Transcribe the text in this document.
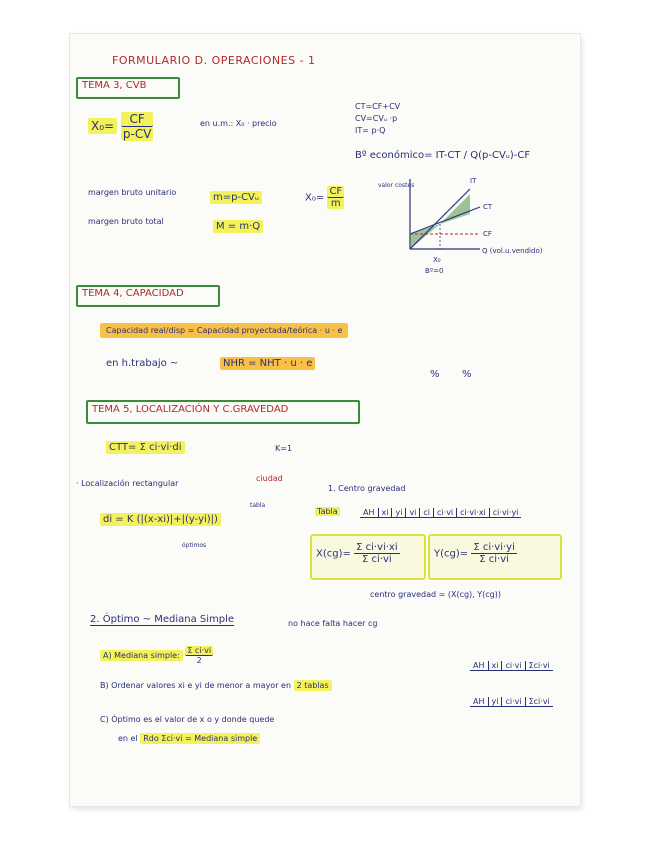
FORMULARIO D. OPERACIONES - 1
TEMA 3, CVB
$X_0= \frac{CF}{p-CV}$	en u.m.: X₀ · precio
CT=CF+CV
CV=CVᵤ ·p
IT= p·Q
Bº económico= IT-CT / Q(p-CVᵤ)-CF
margen bruto unitario	m=p-CVᵤ	$X_0= \frac{CF}{m}$
margen bruto total	M = m·Q
valor costes
IT
CT
CF
Q (vol.u.vendido)
X₀
Bº=0
TEMA 4, CAPACIDAD
Capacidad real/disp = Capacidad proyectada/teórica · u · e
en h.trabajo ~	NHR = NHT · u · e
% %
TEMA 5, LOCALIZACIÓN Y C.GRAVEDAD
CTT= Σ ci·vi·di	K=1
· Localización rectangular
ciudad
tabla
di = K (|(x-xi)|+|(y-yi)|)
óptimos
1. Centro gravedad
Tabla	AH xi yi vi ci ci·vi ci·vi·xi ci·vi·yi
$X(cg)= \frac{\text{Σ ci·vi·xi}}{\text{Σ ci·vi}}$	$Y(cg)= \frac{\text{Σ ci·vi·yi}}{\text{Σ ci·vi}}$
centro gravedad = (X(cg), Y(cg))
2. Óptimo ~ Mediana Simple	no hace falta hacer cg
A) Mediana simple: $\frac{\text{Σ ci·vi}}{2}$
B) Ordenar valores xi e yi de menor a mayor en 2 tablas
AH xi ci·vi Σci·vi
AH yi ci·vi Σci·vi
C) Óptimo es el valor de x o y donde quede
en el Rdo Σci·vi = Mediana simple
